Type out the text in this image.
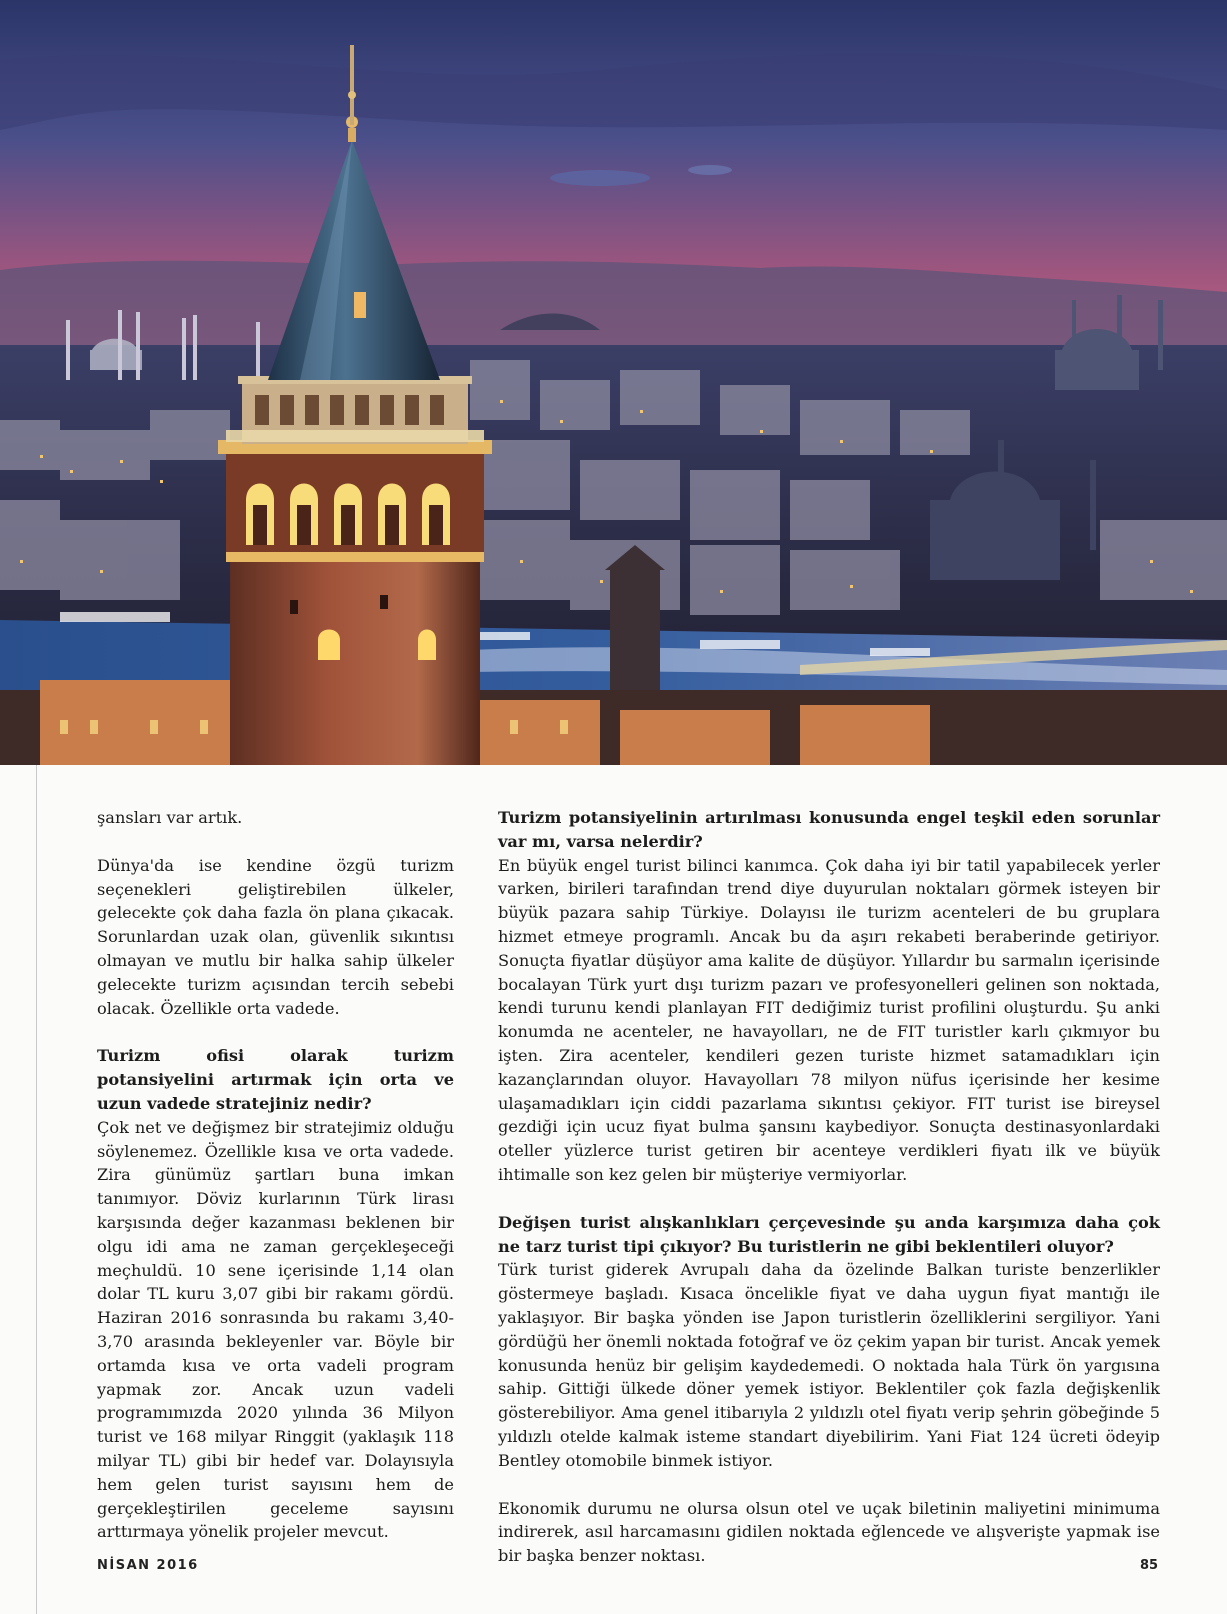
şansları var artık.

Dünya'da ise kendine özgü turizm seçenekleri geliştirebilen ülkeler, gelecekte çok daha fazla ön plana çıkacak. Sorunlardan uzak olan, güvenlik sıkıntısı olmayan ve mutlu bir halka sahip ülkeler gelecekte turizm açısından tercih sebebi olacak. Özellikle orta vadede.

Turizm ofisi olarak turizm potansiyelini artırmak için orta ve uzun vadede stratejiniz nedir?

Çok net ve değişmez bir stratejimiz olduğu söylenemez. Özellikle kısa ve orta vadede. Zira günümüz şartları buna imkan tanımıyor. Döviz kurlarının Türk lirası karşısında değer kazanması beklenen bir olgu idi ama ne zaman gerçekleşeceği meçhuldü. 10 sene içerisinde 1,14 olan dolar TL kuru 3,07 gibi bir rakamı gördü. Haziran 2016 sonrasında bu rakamı 3,40-3,70 arasında bekleyenler var. Böyle bir ortamda kısa ve orta vadeli program yapmak zor. Ancak uzun vadeli programımızda 2020 yılında 36 Milyon turist ve 168 milyar Ringgit (yaklaşık 118 milyar TL) gibi bir hedef var. Dolayısıyla hem gelen turist sayısını hem de gerçekleştirilen geceleme sayısını arttırmaya yönelik projeler mevcut.

Turizm potansiyelinin artırılması konusunda engel teşkil eden sorunlar var mı, varsa nelerdir?

En büyük engel turist bilinci kanımca. Çok daha iyi bir tatil yapabilecek yerler varken, birileri tarafından trend diye duyurulan noktaları görmek isteyen bir büyük pazara sahip Türkiye. Dolayısı ile turizm acenteleri de bu gruplara hizmet etmeye programlı. Ancak bu da aşırı rekabeti beraberinde getiriyor. Sonuçta fiyatlar düşüyor ama kalite de düşüyor. Yıllardır bu sarmalın içerisinde bocalayan Türk yurt dışı turizm pazarı ve profesyonelleri gelinen son noktada, kendi turunu kendi planlayan FIT dediğimiz turist profilini oluşturdu. Şu anki konumda ne acenteler, ne havayolları, ne de FIT turistler karlı çıkmıyor bu işten. Zira acenteler, kendileri gezen turiste hizmet satamadıkları için kazançlarından oluyor. Havayolları 78 milyon nüfus içerisinde her kesime ulaşamadıkları için ciddi pazarlama sıkıntısı çekiyor. FIT turist ise bireysel gezdiği için ucuz fiyat bulma şansını kaybediyor. Sonuçta destinasyonlardaki oteller yüzlerce turist getiren bir acenteye verdikleri fiyatı ilk ve büyük ihtimalle son kez gelen bir müşteriye vermiyorlar.

Değişen turist alışkanlıkları çerçevesinde şu anda karşımıza daha çok ne tarz turist tipi çıkıyor? Bu turistlerin ne gibi beklentileri oluyor?

Türk turist giderek Avrupalı daha da özelinde Balkan turiste benzerlikler göstermeye başladı. Kısaca öncelikle fiyat ve daha uygun fiyat mantığı ile yaklaşıyor. Bir başka yönden ise Japon turistlerin özelliklerini sergiliyor. Yani gördüğü her önemli noktada fotoğraf ve öz çekim yapan bir turist. Ancak yemek konusunda henüz bir gelişim kaydedemedi. O noktada hala Türk ön yargısına sahip. Gittiği ülkede döner yemek istiyor. Beklentiler çok fazla değişkenlik gösterebiliyor. Ama genel itibarıyla 2 yıldızlı otel fiyatı verip şehrin göbeğinde 5 yıldızlı otelde kalmak isteme standart diyebilirim. Yani Fiat 124 ücreti ödeyip Bentley otomobile binmek istiyor.

Ekonomik durumu ne olursa olsun otel ve uçak biletinin maliyetini minimuma indirerek, asıl harcamasını gidilen noktada eğlencede ve alışverişte yapmak ise bir başka benzer noktası.

NİSAN 2016	85
